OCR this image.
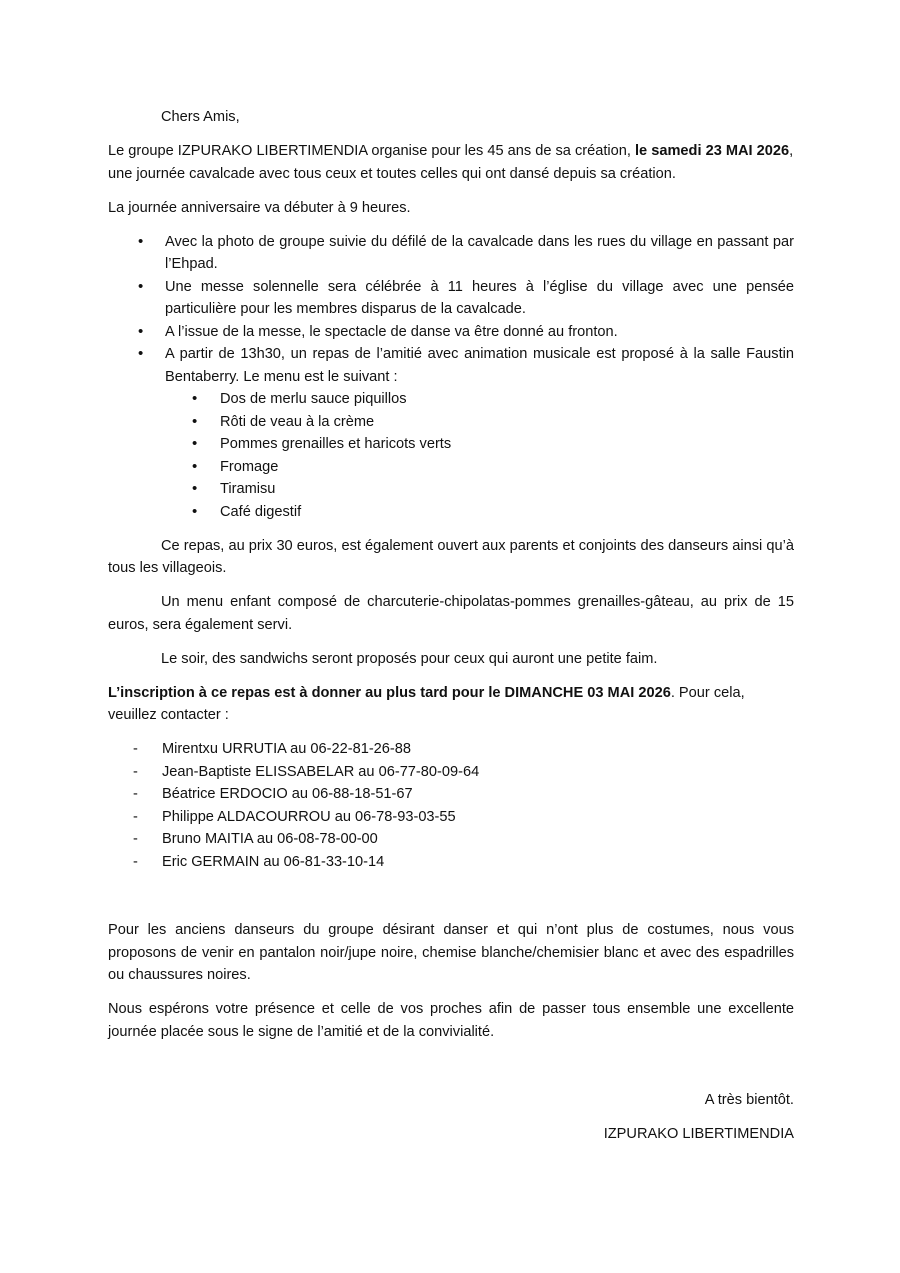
Chers Amis,

Le groupe IZPURAKO LIBERTIMENDIA organise pour les 45 ans de sa création, le samedi 23 MAI 2026, une journée cavalcade avec tous ceux et toutes celles qui ont dansé depuis sa création.

La journée anniversaire va débuter à 9 heures.

• Avec la photo de groupe suivie du défilé de la cavalcade dans les rues du village en passant par l’Ehpad.
• Une messe solennelle sera célébrée à 11 heures à l’église du village avec une pensée particulière pour les membres disparus de la cavalcade.
• A l’issue de la messe, le spectacle de danse va être donné au fronton.
• A partir de 13h30, un repas de l’amitié avec animation musicale est proposé à la salle Faustin Bentaberry. Le menu est le suivant :
• Dos de merlu sauce piquillos
• Rôti de veau à la crème
• Pommes grenailles et haricots verts
• Fromage
• Tiramisu
• Café digestif

Ce repas, au prix 30 euros, est également ouvert aux parents et conjoints des danseurs ainsi qu’à tous les villageois.

Un menu enfant composé de charcuterie-chipolatas-pommes grenailles-gâteau, au prix de 15 euros, sera également servi.

Le soir, des sandwichs seront proposés pour ceux qui auront une petite faim.

L’inscription à ce repas est à donner au plus tard pour le DIMANCHE 03 MAI 2026. Pour cela, veuillez contacter :

- Mirentxu URRUTIA au 06-22-81-26-88
- Jean-Baptiste ELISSABELAR au 06-77-80-09-64
- Béatrice ERDOCIO au 06-88-18-51-67
- Philippe ALDACOURROU au 06-78-93-03-55
- Bruno MAITIA au 06-08-78-00-00
- Eric GERMAIN au 06-81-33-10-14

Pour les anciens danseurs du groupe désirant danser et qui n’ont plus de costumes, nous vous proposons de venir en pantalon noir/jupe noire, chemise blanche/chemisier blanc et avec des espadrilles ou chaussures noires.

Nous espérons votre présence et celle de vos proches afin de passer tous ensemble une excellente journée placée sous le signe de l’amitié et de la convivialité.

A très bientôt.

IZPURAKO LIBERTIMENDIA
